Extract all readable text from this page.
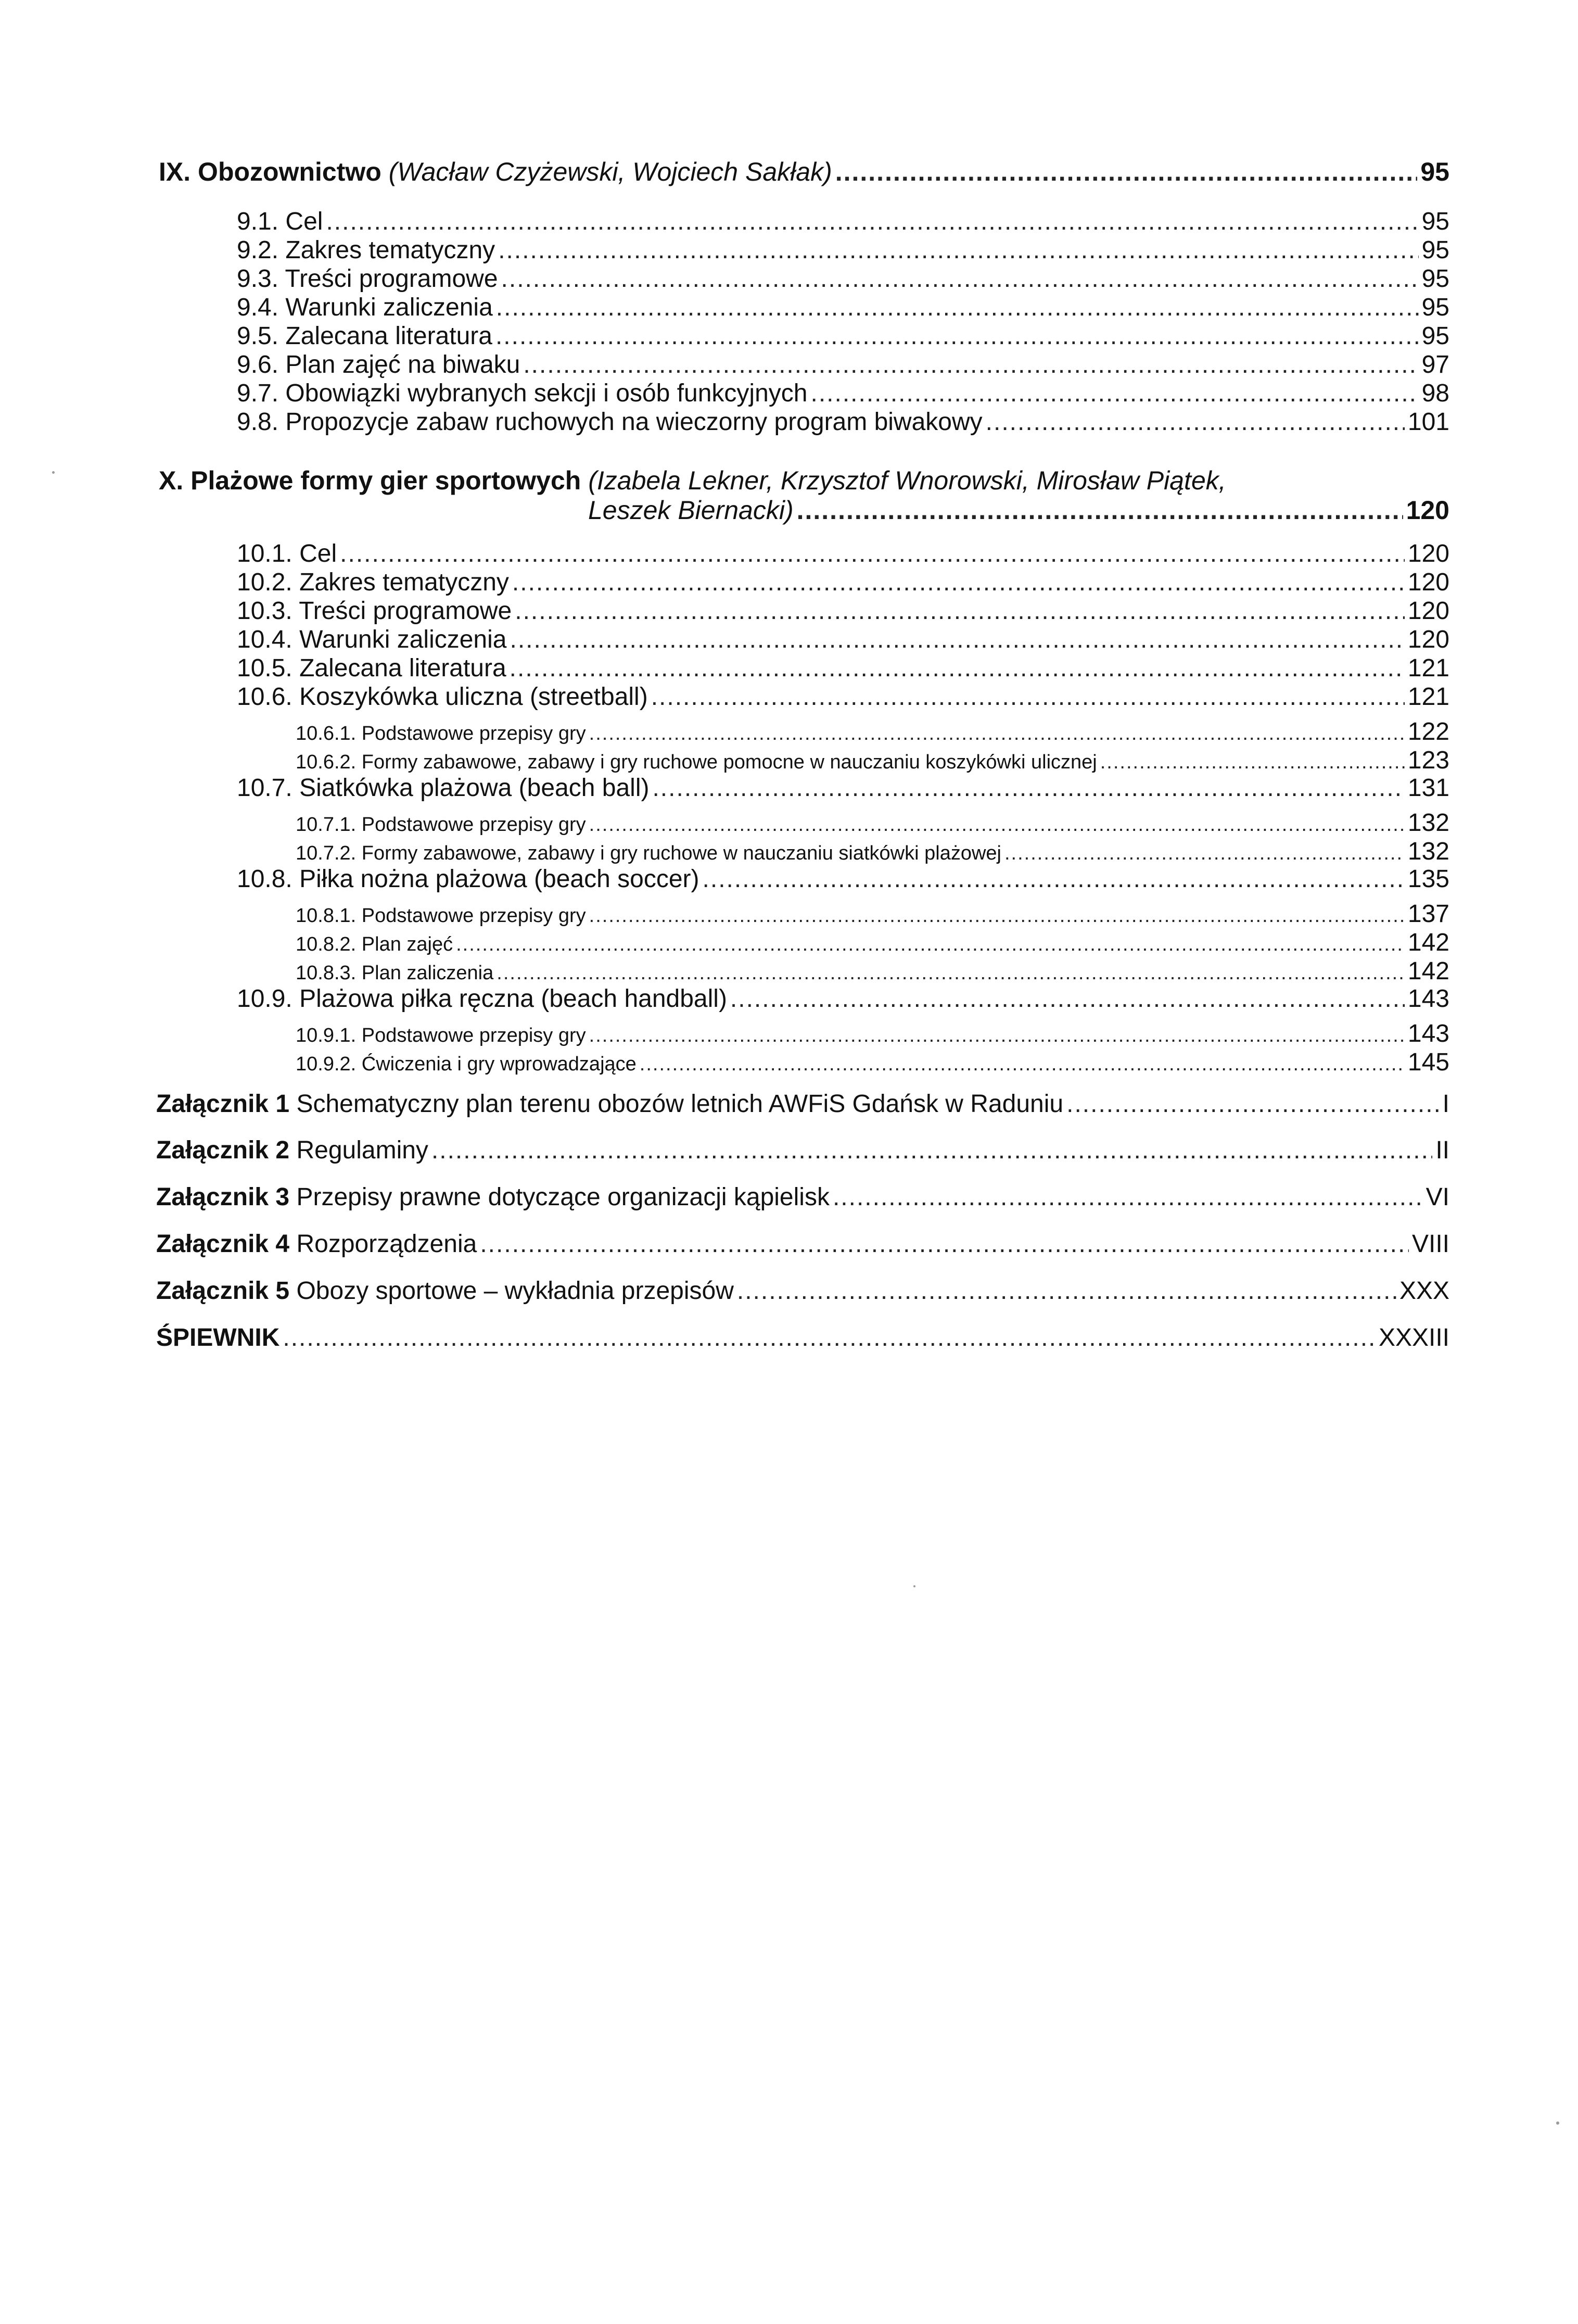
IX. Obozownictwo (Wacław Czyżewski, Wojciech Sakłak) .....	95
9.1. Cel .....	95
9.2. Zakres tematyczny .....	95
9.3. Treści programowe .....	95
9.4. Warunki zaliczenia .....	95
9.5. Zalecana literatura .....	95
9.6. Plan zajęć na biwaku .....	97
9.7. Obowiązki wybranych sekcji i osób funkcyjnych .....	98
9.8. Propozycje zabaw ruchowych na wieczorny program biwakowy .....	101
X. Plażowe formy gier sportowych (Izabela Lekner, Krzysztof Wnorowski, Mirosław Piątek,
Leszek Biernacki) .....	120
10.1. Cel .....	120
10.2. Zakres tematyczny .....	120
10.3. Treści programowe .....	120
10.4. Warunki zaliczenia .....	120
10.5. Zalecana literatura .....	121
10.6. Koszykówka uliczna (streetball) .....	121
10.6.1. Podstawowe przepisy gry .....	122
10.6.2. Formy zabawowe, zabawy i gry ruchowe pomocne w nauczaniu koszykówki ulicznej .....	123
10.7. Siatkówka plażowa (beach ball) .....	131
10.7.1. Podstawowe przepisy gry .....	132
10.7.2. Formy zabawowe, zabawy i gry ruchowe w nauczaniu siatkówki plażowej .....	132
10.8. Piłka nożna plażowa (beach soccer) .....	135
10.8.1. Podstawowe przepisy gry .....	137
10.8.2. Plan zajęć .....	142
10.8.3. Plan zaliczenia .....	142
10.9. Plażowa piłka ręczna (beach handball) .....	143
10.9.1. Podstawowe przepisy gry .....	143
10.9.2. Ćwiczenia i gry wprowadzające .....	145
Załącznik 1 Schematyczny plan terenu obozów letnich AWFiS Gdańsk w Raduniu .....	I
Załącznik 2 Regulaminy .....	II
Załącznik 3 Przepisy prawne dotyczące organizacji kąpielisk .....	VI
Załącznik 4 Rozporządzenia .....	VIII
Załącznik 5 Obozy sportowe – wykładnia przepisów .....	XXX
ŚPIEWNIK .....	XXXIII
